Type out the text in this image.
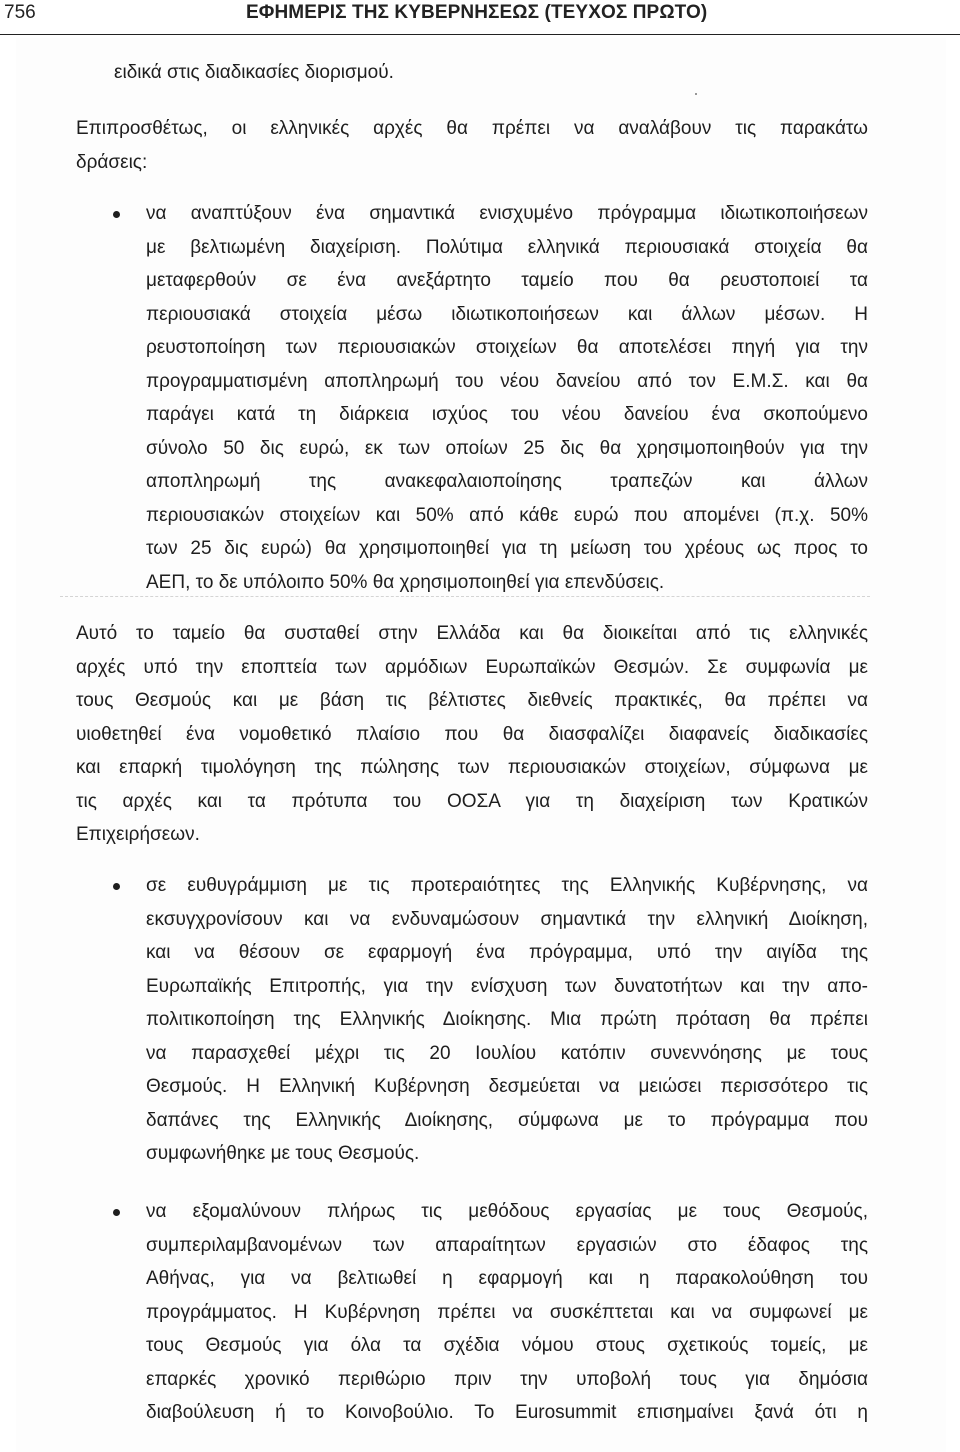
756	ΕΦΗΜΕΡΙΣ ΤΗΣ ΚΥΒΕΡΝΗΣΕΩΣ (ΤΕΥΧΟΣ ΠΡΩΤΟ)

ειδικά στις διαδικασίες διορισμού.

Επιπροσθέτως, οι ελληνικές αρχές θα πρέπει να αναλάβουν τις παρακάτω

δράσεις:

να αναπτύξουν ένα σημαντικά ενισχυμένο πρόγραμμα ιδιωτικοποιήσεων

με βελτιωμένη διαχείριση. Πολύτιμα ελληνικά περιουσιακά στοιχεία θα

μεταφερθούν σε ένα ανεξάρτητο ταμείο που θα ρευστοποιεί τα

περιουσιακά στοιχεία μέσω ιδιωτικοποιήσεων και άλλων μέσων. Η

ρευστοποίηση των περιουσιακών στοιχείων θα αποτελέσει πηγή για την

προγραμματισμένη αποπληρωμή του νέου δανείου από τον Ε.Μ.Σ. και θα

παράγει κατά τη διάρκεια ισχύος του νέου δανείου ένα σκοπούμενο

σύνολο 50 δις ευρώ, εκ των οποίων 25 δις θα χρησιμοποιηθούν για την

αποπληρωμή της ανακεφαλαιοποίησης τραπεζών και άλλων

περιουσιακών στοιχείων και 50% από κάθε ευρώ που απομένει (π.χ. 50%

των 25 δις ευρώ) θα χρησιμοποιηθεί για τη μείωση του χρέους ως προς το

ΑΕΠ, το δε υπόλοιπο 50% θα χρησιμοποιηθεί για επενδύσεις.

Αυτό το ταμείο θα συσταθεί στην Ελλάδα και θα διοικείται από τις ελληνικές

αρχές υπό την εποπτεία των αρμόδιων Ευρωπαϊκών Θεσμών. Σε συμφωνία με

τους Θεσμούς και με βάση τις βέλτιστες διεθνείς πρακτικές, θα πρέπει να

υιοθετηθεί ένα νομοθετικό πλαίσιο που θα διασφαλίζει διαφανείς διαδικασίες

και επαρκή τιμολόγηση της πώλησης των περιουσιακών στοιχείων, σύμφωνα με

τις αρχές και τα πρότυπα του ΟΟΣΑ για τη διαχείριση των Κρατικών

Επιχειρήσεων.

σε ευθυγράμμιση με τις προτεραιότητες της Ελληνικής Κυβέρνησης, να

εκσυγχρονίσουν και να ενδυναμώσουν σημαντικά την ελληνική Διοίκηση,

και να θέσουν σε εφαρμογή ένα πρόγραμμα, υπό την αιγίδα της

Ευρωπαϊκής Επιτροπής, για την ενίσχυση των δυνατοτήτων και την απο-

πολιτικοποίηση της Ελληνικής Διοίκησης. Μια πρώτη πρόταση θα πρέπει

να παρασχεθεί μέχρι τις 20 Ιουλίου κατόπιν συνεννόησης με τους

Θεσμούς. Η Ελληνική Κυβέρνηση δεσμεύεται να μειώσει περισσότερο τις

δαπάνες της Ελληνικής Διοίκησης, σύμφωνα με το πρόγραμμα που

συμφωνήθηκε με τους Θεσμούς.

να εξομαλύνουν πλήρως τις μεθόδους εργασίας με τους Θεσμούς,

συμπεριλαμβανομένων των απαραίτητων εργασιών στο έδαφος της

Αθήνας, για να βελτιωθεί η εφαρμογή και η παρακολούθηση του

προγράμματος. Η Κυβέρνηση πρέπει να συσκέπτεται και να συμφωνεί με

τους Θεσμούς για όλα τα σχέδια νόμου στους σχετικούς τομείς, με

επαρκές χρονικό περιθώριο πριν την υποβολή τους για δημόσια

διαβούλευση ή το Κοινοβούλιο. Το Eurosummit επισημαίνει ξανά ότι η
